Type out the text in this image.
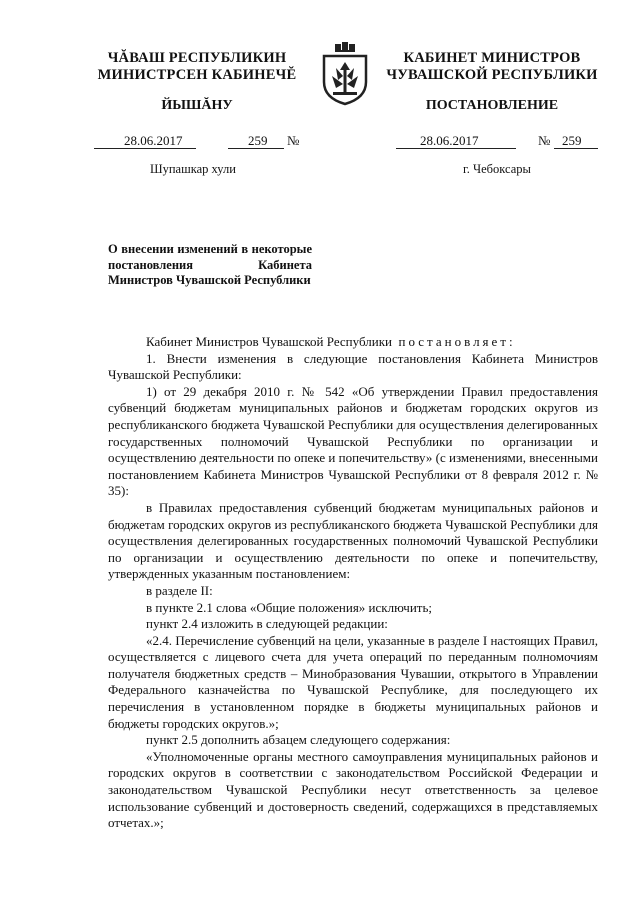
ЧĂВАШ РЕСПУБЛИКИН
МИНИСТРСЕН КАБИНЕЧĔ
ЙЫШĂНУ
КАБИНЕТ МИНИСТРОВ
ЧУВАШСКОЙ РЕСПУБЛИКИ
ПОСТАНОВЛЕНИЕ
28.06.2017	259 №	28.06.2017	№ 259
Шупашкар хули	г. Чебоксары
О внесении изменений в некоторые постановления Кабинета Министров Чувашской Республики

Кабинет Министров Чувашской Республики постановляет:

1. Внести изменения в следующие постановления Кабинета Министров Чувашской Республики:

1) от 29 декабря 2010 г. № 542 «Об утверждении Правил предоставления субвенций бюджетам муниципальных районов и бюджетам городских округов из республиканского бюджета Чувашской Республики для осуществления делегированных государственных полномочий Чувашской Республики по организации и осуществлению деятельности по опеке и попечительству» (с изменениями, внесенными постановлением Кабинета Министров Чувашской Республики от 8 февраля 2012 г. № 35):

в Правилах предоставления субвенций бюджетам муниципальных районов и бюджетам городских округов из республиканского бюджета Чувашской Республики для осуществления делегированных государственных полномочий Чувашской Республики по организации и осуществлению деятельности по опеке и попечительству, утвержденных указанным постановлением:

в разделе II:

в пункте 2.1 слова «Общие положения» исключить;

пункт 2.4 изложить в следующей редакции:

«2.4. Перечисление субвенций на цели, указанные в разделе I настоящих Правил, осуществляется с лицевого счета для учета операций по переданным полномочиям получателя бюджетных средств – Минобразования Чувашии, открытого в Управлении Федерального казначейства по Чувашской Республике, для последующего их перечисления в установленном порядке в бюджеты муниципальных районов и бюджеты городских округов.»;

пункт 2.5 дополнить абзацем следующего содержания:

«Уполномоченные органы местного самоуправления муниципальных районов и городских округов в соответствии с законодательством Российской Федерации и законодательством Чувашской Республики несут ответственность за целевое использование субвенций и достоверность сведений, содержащихся в представляемых отчетах.»;
